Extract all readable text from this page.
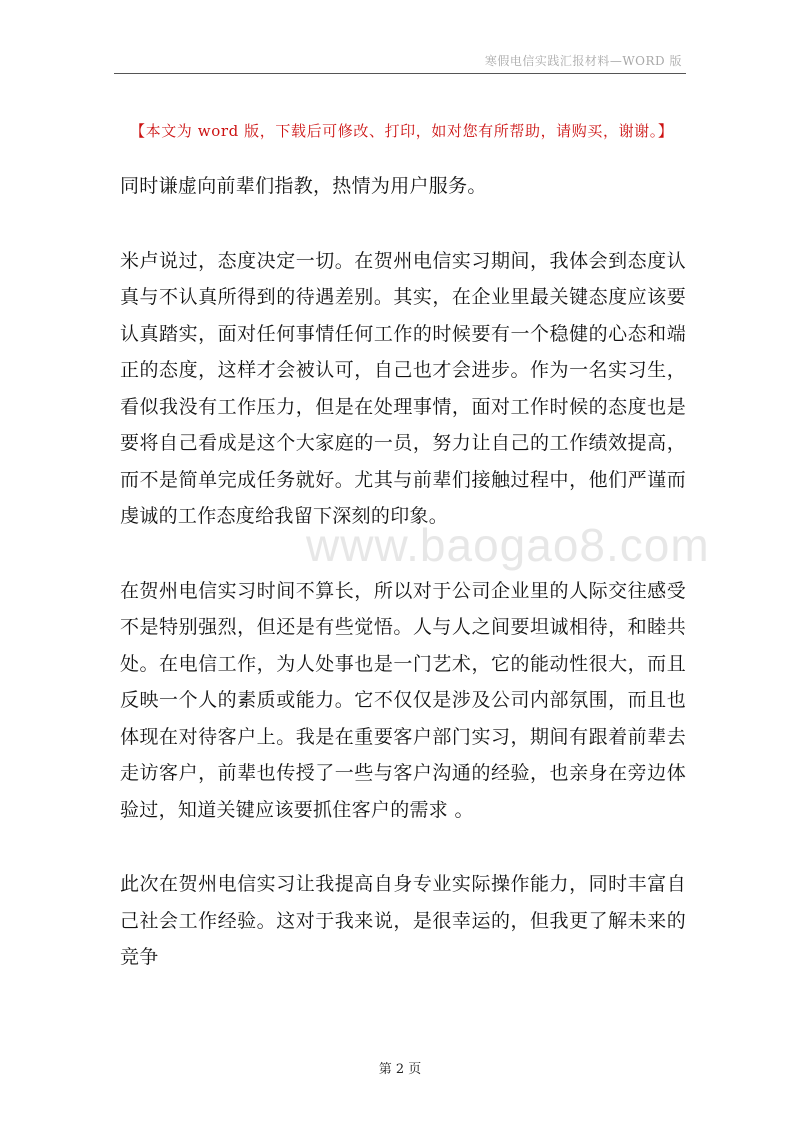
寒假电信实践汇报材料—WORD 版
【本文为 word 版，下载后可修改、打印，如对您有所帮助，请购买，谢谢。】

同时谦虚向前辈们指教，热情为用户服务。

米卢说过，态度决定一切。在贺州电信实习期间，我体会到态度认真与不认真所得到的待遇差别。其实，在企业里最关键态度应该要认真踏实，面对任何事情任何工作的时候要有一个稳健的心态和端正的态度，这样才会被认可，自己也才会进步。作为一名实习生，看似我没有工作压力，但是在处理事情，面对工作时候的态度也是要将自己看成是这个大家庭的一员，努力让自己的工作绩效提高，而不是简单完成任务就好。尤其与前辈们接触过程中，他们严谨而虔诚的工作态度给我留下深刻的印象。

在贺州电信实习时间不算长，所以对于公司企业里的人际交往感受不是特别强烈，但还是有些觉悟。人与人之间要坦诚相待，和睦共处。在电信工作，为人处事也是一门艺术，它的能动性很大，而且反映一个人的素质或能力。它不仅仅是涉及公司内部氛围，而且也体现在对待客户上。我是在重要客户部门实习，期间有跟着前辈去走访客户，前辈也传授了一些与客户沟通的经验，也亲身在旁边体验过，知道关键应该要抓住客户的需求 。

此次在贺州电信实习让我提高自身专业实际操作能力，同时丰富自己社会工作经验。这对于我来说，是很幸运的，但我更了解未来的竞争

www.baogao8.com
第 2 页
